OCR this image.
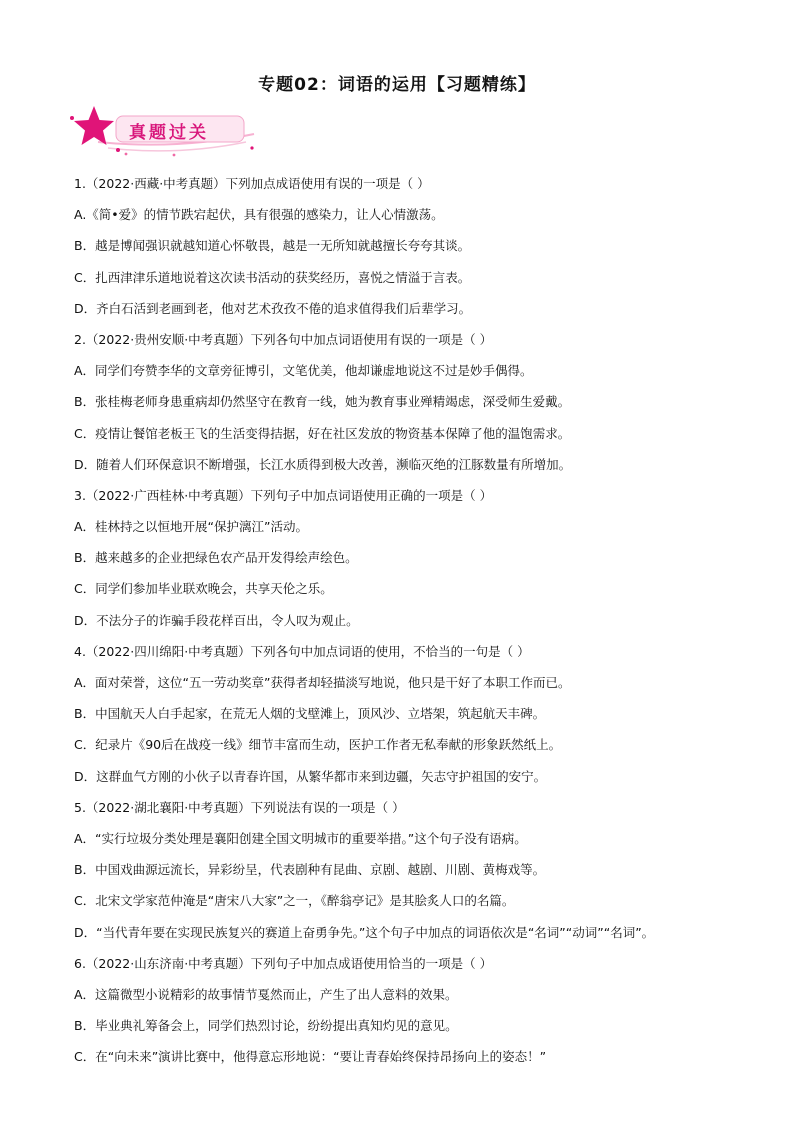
专题02：词语的运用【习题精练】
真题过关
1.（2022·西藏·中考真题）下列加点成语使用有误的一项是（ ）
A.《简•爱》的情节跌宕起伏，具有很强的感染力，让人心情激荡。
B．越是博闻强识就越知道心怀敬畏，越是一无所知就越擅长夸夸其谈。
C．扎西津津乐道地说着这次读书活动的获奖经历，喜悦之情溢于言表。
D．齐白石活到老画到老，他对艺术孜孜不倦的追求值得我们后辈学习。
2.（2022·贵州安顺·中考真题）下列各句中加点词语使用有误的一项是（ ）
A．同学们夸赞李华的文章旁征博引，文笔优美，他却谦虚地说这不过是妙手偶得。
B．张桂梅老师身患重病却仍然坚守在教育一线，她为教育事业殚精竭虑，深受师生爱戴。
C．疫情让餐馆老板王飞的生活变得拮据，好在社区发放的物资基本保障了他的温饱需求。
D．随着人们环保意识不断增强，长江水质得到极大改善，濒临灭绝的江豚数量有所增加。
3.（2022·广西桂林·中考真题）下列句子中加点词语使用正确的一项是（ ）
A．桂林持之以恒地开展“保护漓江”活动。
B．越来越多的企业把绿色农产品开发得绘声绘色。
C．同学们参加毕业联欢晚会，共享天伦之乐。
D．不法分子的诈骗手段花样百出，令人叹为观止。
4.（2022·四川绵阳·中考真题）下列各句中加点词语的使用，不恰当的一句是（ ）
A．面对荣誉，这位“五一劳动奖章”获得者却轻描淡写地说，他只是干好了本职工作而已。
B．中国航天人白手起家，在荒无人烟的戈壁滩上，顶风沙、立塔架，筑起航天丰碑。
C．纪录片《90后在战疫一线》细节丰富而生动，医护工作者无私奉献的形象跃然纸上。
D．这群血气方刚的小伙子以青春许国，从繁华都市来到边疆，矢志守护祖国的安宁。
5.（2022·湖北襄阳·中考真题）下列说法有误的一项是（ ）
A．“实行垃圾分类处理是襄阳创建全国文明城市的重要举措。”这个句子没有语病。
B．中国戏曲源远流长，异彩纷呈，代表剧种有昆曲、京剧、越剧、川剧、黄梅戏等。
C．北宋文学家范仲淹是“唐宋八大家”之一，《醉翁亭记》是其脍炙人口的名篇。
D．“当代青年要在实现民族复兴的赛道上奋勇争先。”这个句子中加点的词语依次是“名词”“动词”“名词”。
6.（2022·山东济南·中考真题）下列句子中加点成语使用恰当的一项是（ ）
A．这篇微型小说精彩的故事情节戛然而止，产生了出人意料的效果。
B．毕业典礼筹备会上，同学们热烈讨论，纷纷提出真知灼见的意见。
C．在“向未来”演讲比赛中，他得意忘形地说：“要让青春始终保持昂扬向上的姿态！”
